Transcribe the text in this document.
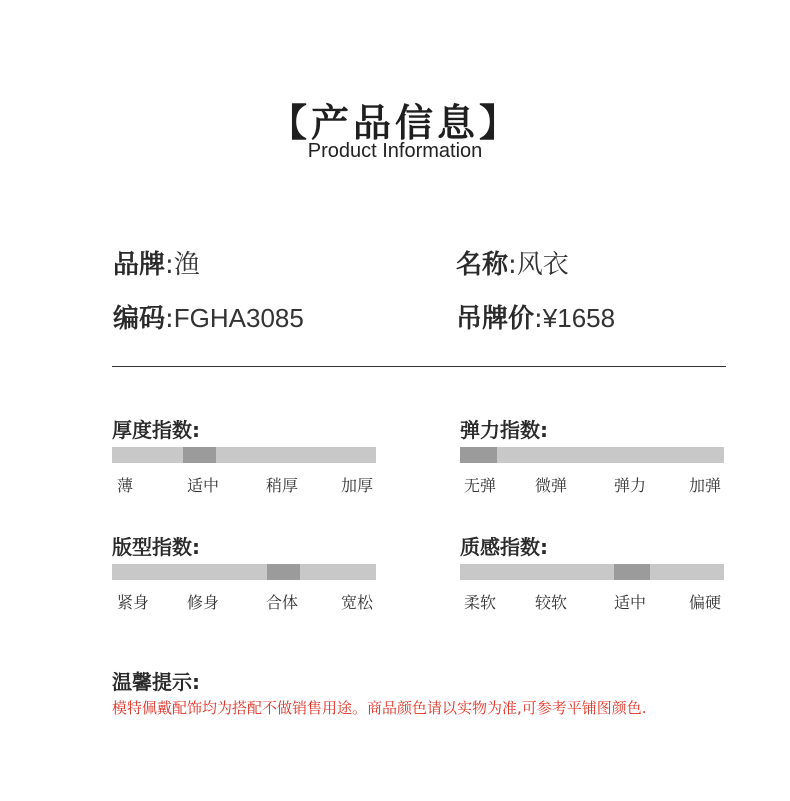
【产品信息】
Product Information
品牌:渔	名称:风衣
编码:FGHA3085	吊牌价:¥1658
厚度指数:
薄	适中	稍厚	加厚
弹力指数:
无弹 微弹	弹力	加弹
版型指数:
紧身 修身	合体	宽松
质感指数:
柔软 较软	适中	偏硬
温馨提示:
模特佩戴配饰均为搭配不做销售用途。商品颜色请以实物为准,可参考平铺图颜色.
